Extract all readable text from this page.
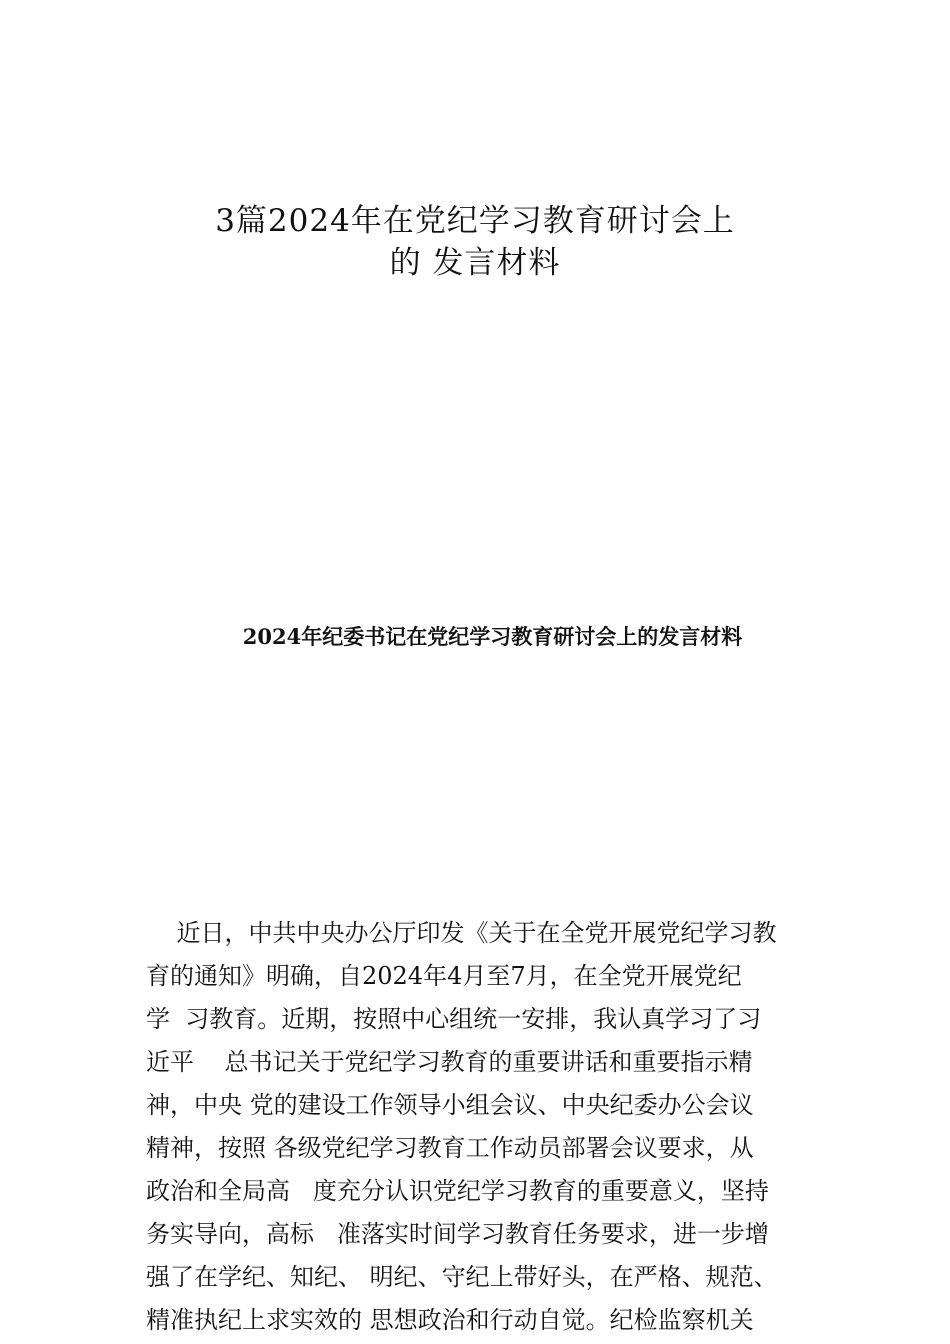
3篇2024年在党纪学习教育研讨会上
的 发言材料
2024年纪委书记在党纪学习教育研讨会上的发言材料
近日，中共中央办公厅印发《关于在全党开展党纪学习教
育的通知》明确，自2024年4月至7月，在全党开展党纪
学  习教育。近期，按照中心组统一安排，我认真学习了习
近平    总书记关于党纪学习教育的重要讲话和重要指示精
神，中央 党的建设工作领导小组会议、中央纪委办公会议
精神，按照 各级党纪学习教育工作动员部署会议要求，从
政治和全局高   度充分认识党纪学习教育的重要意义，坚持
务实导向，高标   准落实时间学习教育任务要求，进一步增
强了在学纪、知纪、 明纪、守纪上带好头，在严格、规范、
精准执纪上求实效的 思想政治和行动自觉。纪检监察机关
